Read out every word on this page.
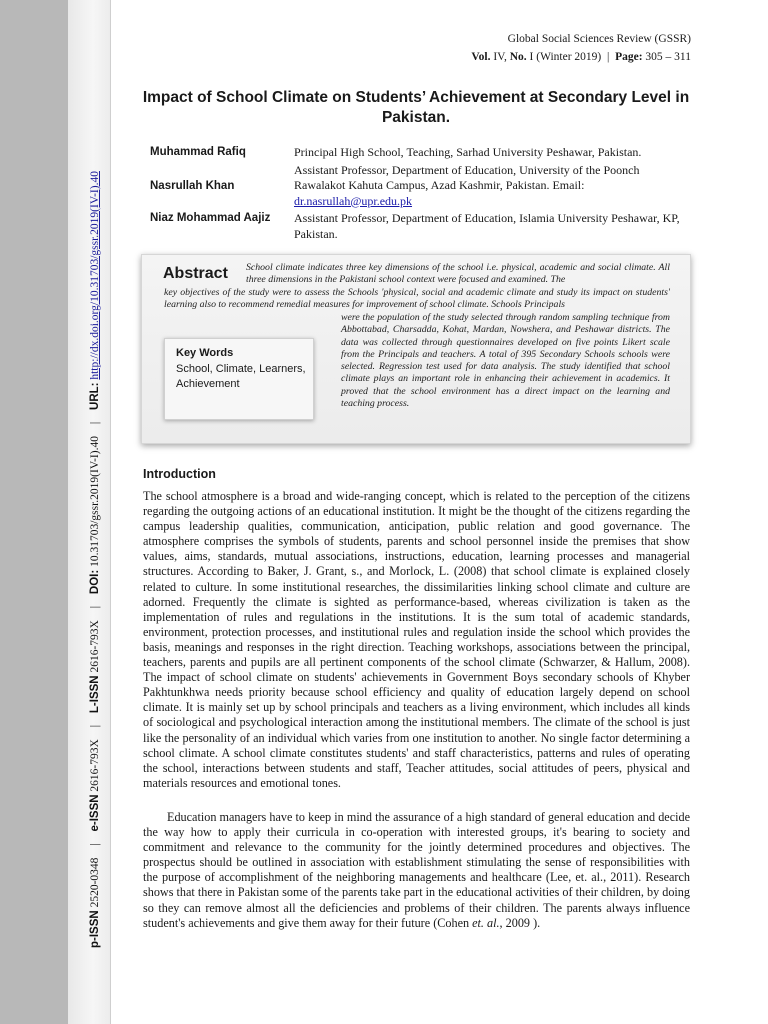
p-ISSN 2520-0348 | e-ISSN 2616-793X | L-ISSN 2616-793X | DOI: 10.31703/gssr.2019(IV-I).40 | URL: http://dx.doi.org/10.31703/gssr.2019(IV-I).40
Global Social Sciences Review (GSSR)
Vol. IV, No. I (Winter 2019) | Page: 305 – 311
Impact of School Climate on Students’ Achievement at Secondary Level in Pakistan.
Muhammad Rafiq	Principal High School, Teaching, Sarhad University Peshawar, Pakistan.
Nasrullah Khan
Assistant Professor, Department of Education, University of the Poonch Rawalakot Kahuta Campus, Azad Kashmir, Pakistan. Email:
dr.nasrullah@upr.edu.pk
Niaz Mohammad Aajiz	Assistant Professor, Department of Education, Islamia University Peshawar, KP, Pakistan.
Abstract School climate indicates three key dimensions of the school i.e. physical, academic and social climate. All three dimensions in the Pakistani school context were focused and examined. The
key objectives of the study were to assess the Schools 'physical, social and academic climate and study its impact on students' learning also to recommend remedial measures for improvement of school climate. Schools Principals
were the population of the study selected through random sampling technique from Abbottabad, Charsadda, Kohat, Mardan, Nowshera, and Peshawar districts. The data was collected through questionnaires developed on five points Likert scale from the Principals and teachers. A total of 395 Secondary Schools schools were selected. Regression test used for data analysis. The study identified that school climate plays an important role in enhancing their achievement in academics. It proved that the school environment has a direct impact on the learning and teaching process.
Key Words
School, Climate, Learners, Achievement
Introduction

The school atmosphere is a broad and wide-ranging concept, which is related to the perception of the citizens regarding the outgoing actions of an educational institution. It might be the thought of the citizens regarding the campus leadership qualities, communication, anticipation, public relation and good governance. The atmosphere comprises the symbols of students, parents and school personnel inside the premises that show values, aims, standards, mutual associations, instructions, education, learning processes and managerial structures. According to Baker, J. Grant, s., and Morlock, L. (2008) that school climate is explained closely related to culture. In some institutional researches, the dissimilarities linking school climate and culture are adorned. Frequently the climate is sighted as performance-based, whereas civilization is taken as the implementation of rules and regulations in the institutions. It is the sum total of academic standards, environment, protection processes, and institutional rules and regulation inside the school which provides the basis, meanings and responses in the right direction. Teaching workshops, associations between the principal, teachers, parents and pupils are all pertinent components of the school climate (Schwarzer, & Hallum, 2008). The impact of school climate on students' achievements in Government Boys secondary schools of Khyber Pakhtunkhwa needs priority because school efficiency and quality of education largely depend on school climate. It is mainly set up by school principals and teachers as a living environment, which includes all kinds of sociological and psychological interaction among the institutional members. The climate of the school is just like the personality of an individual which varies from one institution to another. No single factor determining a school climate. A school climate constitutes students' and staff characteristics, patterns and rules of operating the school, interactions between students and staff, Teacher attitudes, social attitudes of peers, physical and materials resources and emotional tones.

Education managers have to keep in mind the assurance of a high standard of general education and decide the way how to apply their curricula in co-operation with interested groups, it's bearing to society and commitment and relevance to the community for the jointly determined procedures and objectives. The prospectus should be outlined in association with establishment stimulating the sense of responsibilities with the purpose of accomplishment of the neighboring managements and healthcare (Lee, et. al., 2011). Research shows that there in Pakistan some of the parents take part in the educational activities of their children, by doing so they can remove almost all the deficiencies and problems of their children. The parents always influence student's achievements and give them away for their future (Cohen et. al., 2009 ).
